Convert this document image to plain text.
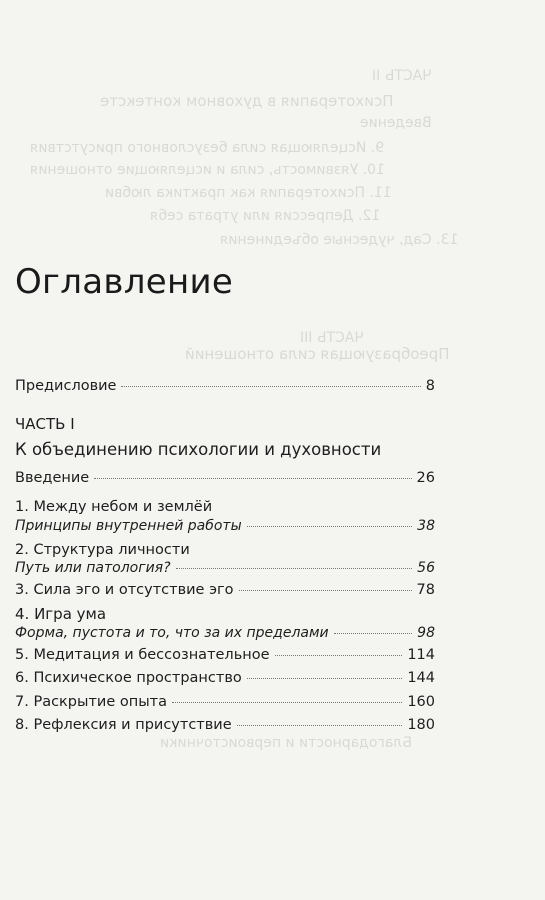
ЧАСТЬ II
Психотерапия в духовном контексте
Введение
9. Исцеляющая сила безусловного присутствия
10. Уязвимость, сила и исцеляющие отношения
11. Психотерапия как практика любви
12. Депрессия или утрата себя
13. Сад, чудесные объединения
ЧАСТЬ III
Преобразующая сила отношений
Благодарности и первоисточники
Оглавление
Предисловие	8
ЧАСТЬ I
К объединению психологии и духовности
Введение	26
1. Между небом и землёй
Принципы внутренней работы	38
2. Структура личности
Путь или патология?	56
3. Сила эго и отсутствие эго	78
4. Игра ума
Форма, пустота и то, что за их пределами	98
5. Медитация и бессознательное	114
6. Психическое пространство	144
7. Раскрытие опыта	160
8. Рефлексия и присутствие	180
